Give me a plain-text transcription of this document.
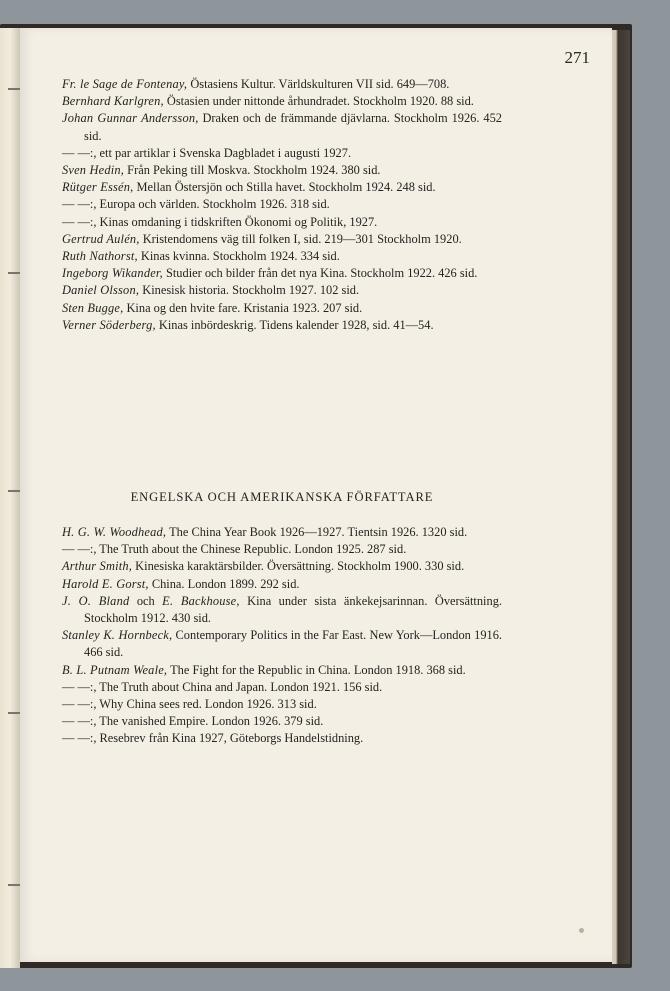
271
Fr. le Sage de Fontenay, Östasiens Kultur. Världskulturen VII sid. 649—708.
Bernhard Karlgren, Östasien under nittonde århundradet. Stockholm 1920. 88 sid.
Johan Gunnar Andersson, Draken och de främmande djävlarna. Stockholm 1926. 452 sid.
— —:, ett par artiklar i Svenska Dagbladet i augusti 1927.
Sven Hedin, Från Peking till Moskva. Stockholm 1924. 380 sid.
Rütger Essén, Mellan Östersjön och Stilla havet. Stockholm 1924. 248 sid.
— —:, Europa och världen. Stockholm 1926. 318 sid.
— —:, Kinas omdaning i tidskriften Ökonomi og Politik, 1927.
Gertrud Aulén, Kristendomens väg till folken I, sid. 219—301 Stockholm 1920.
Ruth Nathorst, Kinas kvinna. Stockholm 1924. 334 sid.
Ingeborg Wikander, Studier och bilder från det nya Kina. Stockholm 1922. 426 sid.
Daniel Olsson, Kinesisk historia. Stockholm 1927. 102 sid.
Sten Bugge, Kina og den hvite fare. Kristania 1923. 207 sid.
Verner Söderberg, Kinas inbördeskrig. Tidens kalender 1928, sid. 41—54.
ENGELSKA OCH AMERIKANSKA FÖRFATTARE
H. G. W. Woodhead, The China Year Book 1926—1927. Tientsin 1926. 1320 sid.
— —:, The Truth about the Chinese Republic. London 1925. 287 sid.
Arthur Smith, Kinesiska karaktärsbilder. Översättning. Stockholm 1900. 330 sid.
Harold E. Gorst, China. London 1899. 292 sid.
J. O. Bland och E. Backhouse, Kina under sista änkekejsarinnan. Översättning. Stockholm 1912. 430 sid.
Stanley K. Hornbeck, Contemporary Politics in the Far East. New York—London 1916. 466 sid.
B. L. Putnam Weale, The Fight for the Republic in China. London 1918. 368 sid.
— —:, The Truth about China and Japan. London 1921. 156 sid.
— —:, Why China sees red. London 1926. 313 sid.
— —:, The vanished Empire. London 1926. 379 sid.
— —:, Resebrev från Kina 1927, Göteborgs Handelstidning.
